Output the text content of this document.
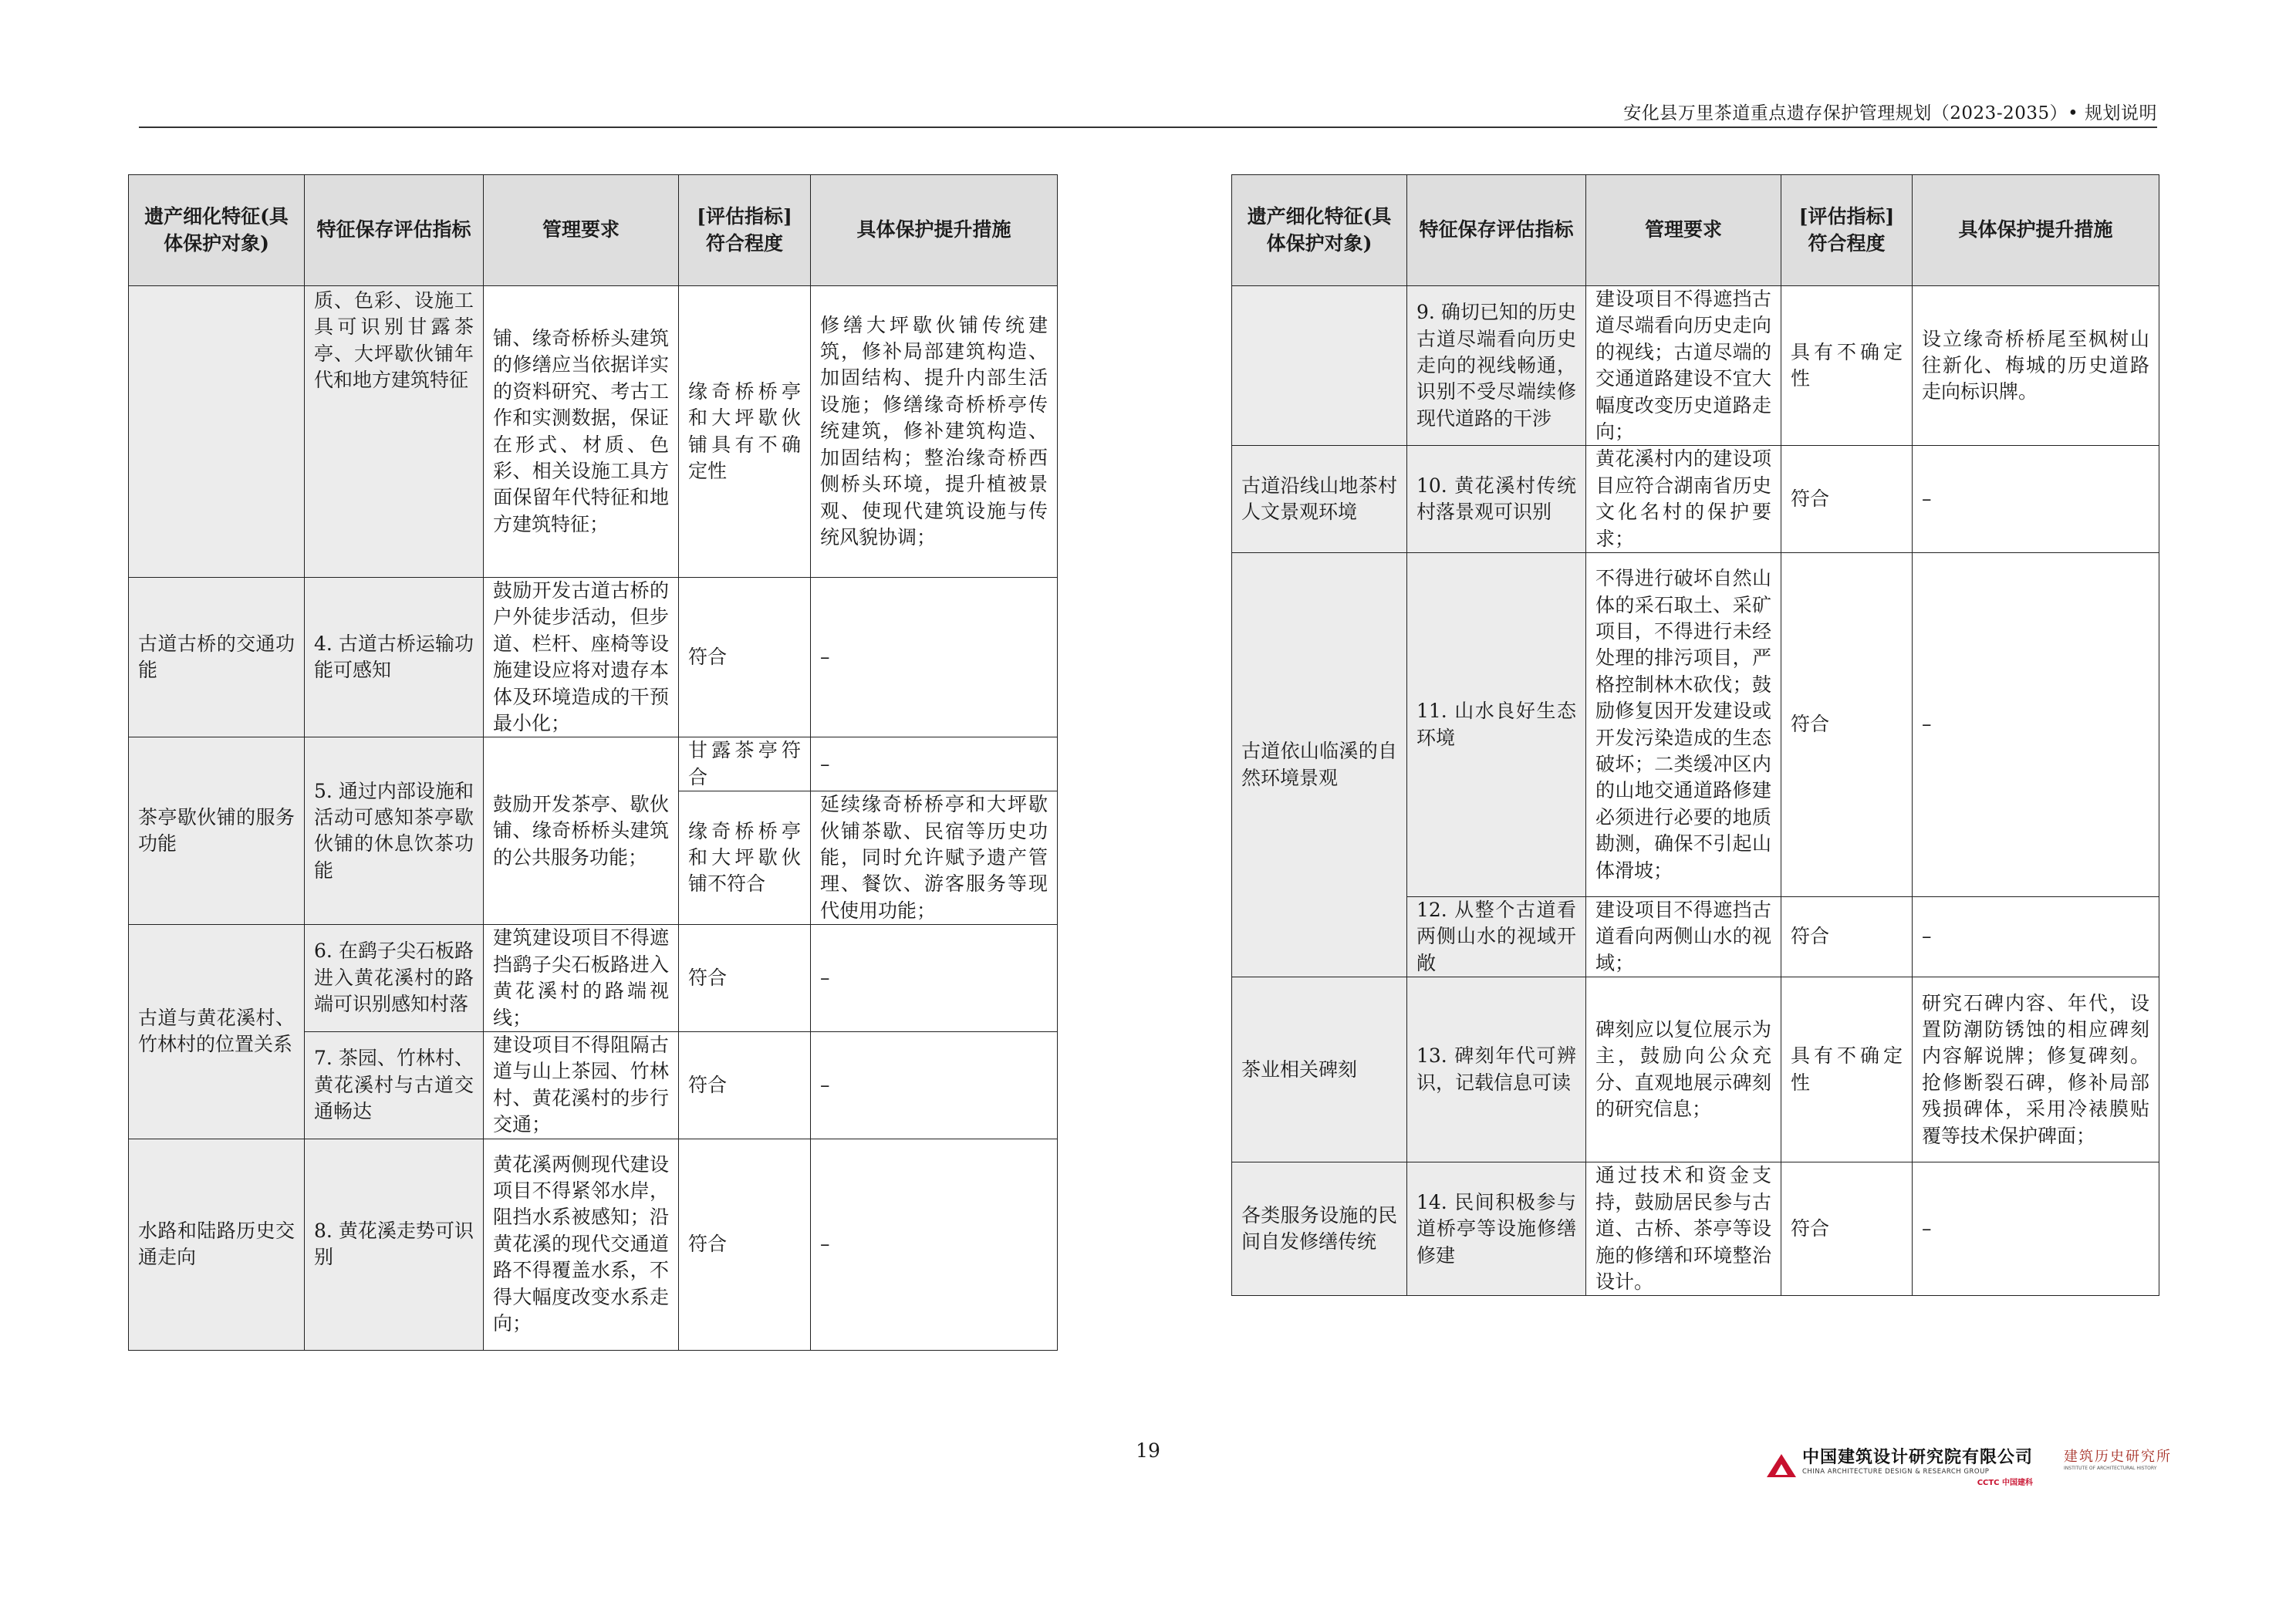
安化县万里茶道重点遗存保护管理规划（2023-2035）• 规划说明
遗产细化特征(具体保护对象)	特征保存评估指标	管理要求	[评估指标]符合程度	具体保护提升措施
	质、色彩、设施工具可识别甘露茶亭、大坪歇伙铺年代和地方建筑特征	铺、缘奇桥桥头建筑的修缮应当依据详实的资料研究、考古工作和实测数据，保证在形式、材质、色彩、相关设施工具方面保留年代特征和地方建筑特征；	缘奇桥桥亭和大坪歇伙铺具有不确定性	修缮大坪歇伙铺传统建筑，修补局部建筑构造、加固结构、提升内部生活设施；修缮缘奇桥桥亭传统建筑，修补建筑构造、加固结构；整治缘奇桥西侧桥头环境，提升植被景观、使现代建筑设施与传统风貌协调；
古道古桥的交通功能	4. 古道古桥运输功能可感知	鼓励开发古道古桥的户外徒步活动，但步道、栏杆、座椅等设施建设应将对遗存本体及环境造成的干预最小化；	符合	–
茶亭歇伙铺的服务功能	5. 通过内部设施和活动可感知茶亭歇伙铺的休息饮茶功能	鼓励开发茶亭、歇伙铺、缘奇桥桥头建筑的公共服务功能；	甘露茶亭符合	–
			缘奇桥桥亭和大坪歇伙铺不符合	延续缘奇桥桥亭和大坪歇伙铺茶歇、民宿等历史功能，同时允许赋予遗产管理、餐饮、游客服务等现代使用功能；
古道与黄花溪村、竹林村的位置关系	6. 在鹞子尖石板路进入黄花溪村的路端可识别感知村落	建筑建设项目不得遮挡鹞子尖石板路进入黄花溪村的路端视线；	符合	–
	7. 茶园、竹林村、黄花溪村与古道交通畅达	建设项目不得阻隔古道与山上茶园、竹林村、黄花溪村的步行交通；	符合	–
水路和陆路历史交通走向	8. 黄花溪走势可识别	黄花溪两侧现代建设项目不得紧邻水岸，阻挡水系被感知；沿黄花溪的现代交通道路不得覆盖水系，不得大幅度改变水系走向；	符合	–
遗产细化特征(具体保护对象)	特征保存评估指标	管理要求	[评估指标]符合程度	具体保护提升措施
	9. 确切已知的历史古道尽端看向历史走向的视线畅通，识别不受尽端续修现代道路的干涉	建设项目不得遮挡古道尽端看向历史走向的视线；古道尽端的交通道路建设不宜大幅度改变历史道路走向；	具有不确定性	设立缘奇桥桥尾至枫树山往新化、梅城的历史道路走向标识牌。
古道沿线山地茶村人文景观环境	10. 黄花溪村传统村落景观可识别	黄花溪村内的建设项目应符合湖南省历史文化名村的保护要求；	符合	–
古道依山临溪的自然环境景观	11. 山水良好生态环境	不得进行破坏自然山体的采石取土、采矿项目，不得进行未经处理的排污项目，严格控制林木砍伐；鼓励修复因开发建设或开发污染造成的生态破坏；二类缓冲区内的山地交通道路修建必须进行必要的地质勘测，确保不引起山体滑坡；	符合	–
	12. 从整个古道看两侧山水的视域开敞	建设项目不得遮挡古道看向两侧山水的视域；	符合	–
茶业相关碑刻	13. 碑刻年代可辨识，记载信息可读	碑刻应以复位展示为主，鼓励向公众充分、直观地展示碑刻的研究信息；	具有不确定性	研究石碑内容、年代，设置防潮防锈蚀的相应碑刻内容解说牌；修复碑刻。抢修断裂石碑，修补局部残损碑体，采用冷裱膜贴覆等技术保护碑面；
各类服务设施的民间自发修缮传统	14. 民间积极参与道桥亭等设施修缮修建	通过技术和资金支持，鼓励居民参与古道、古桥、茶亭等设施的修缮和环境整治设计。	符合	–
19	中国建筑设计研究院有限公司
CHINA ARCHITECTURE DESIGN & RESEARCH GROUP
CCTC 中国建科
建筑历史研究所
INSTITUTE OF ARCHITECTURAL HISTORY
